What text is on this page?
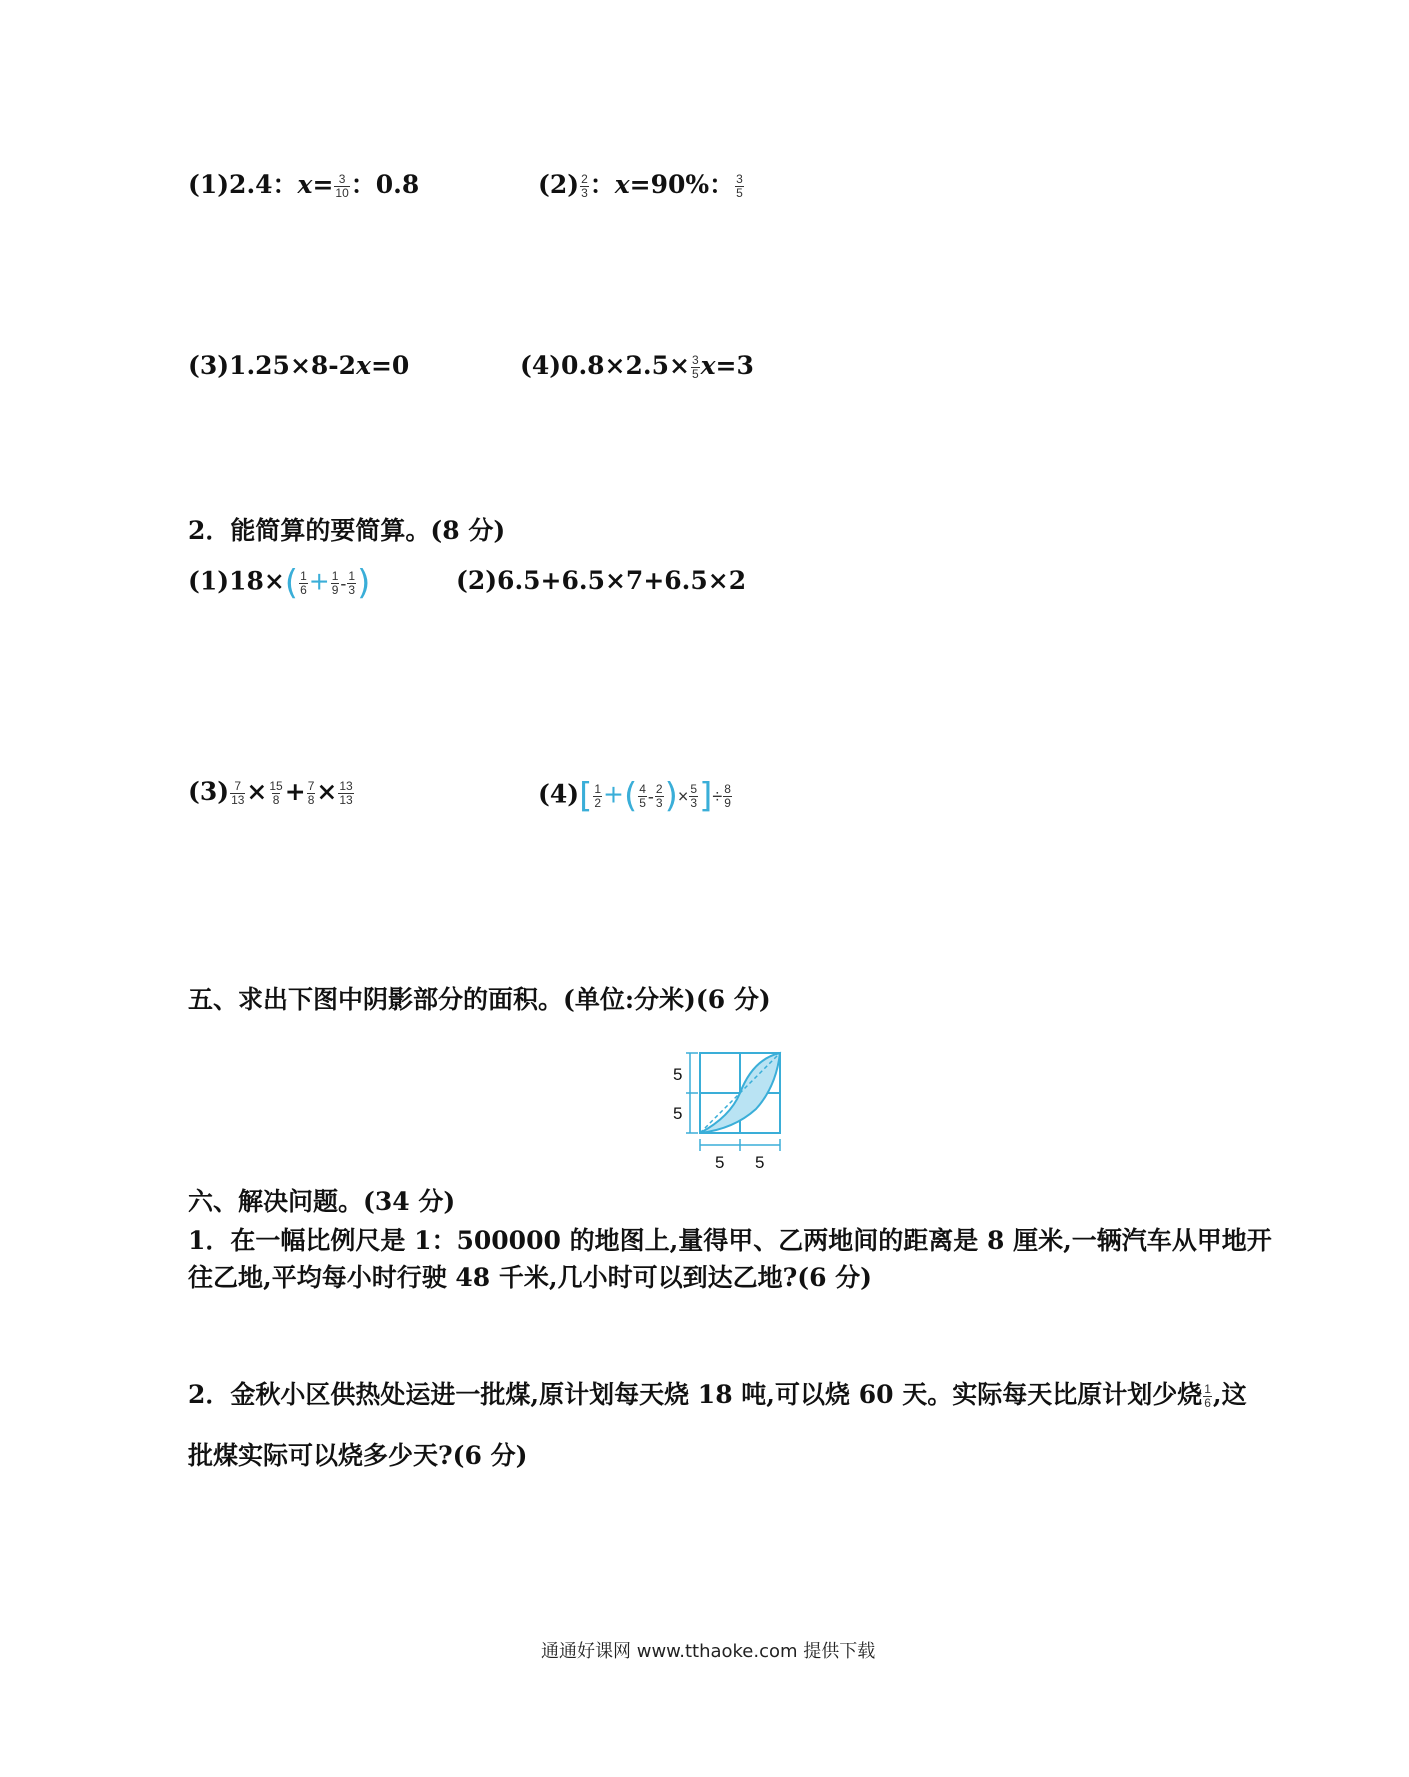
(1)2.4：$x= \frac{3}{10}$ ：0.8	$(2) \frac{2}{3}$ ：x=90%： $\frac{3}{5}$
(3)1.25×8-2x=0	$(4)0.8\times 2.5\times \frac{3}{5} x=3$
2．能简算的要简算。(8 分)
$(1)18\times( \frac{1}{6} + \frac{1}{9} - \frac{1}{3}$ )	(2)6.5+6.5×7+6.5×2
$(3) \frac{7}{13} \times \frac{15}{8} + \frac{7}{8} \times \frac{13}{13}$	$(4)[ \frac{1}{2}$ +( $\frac{4}{5} - \frac{2}{3}$ )× $\frac{5}{3}$ ]÷ $\frac{8}{9}$
五、求出下图中阴影部分的面积。(单位:分米)(6 分)
5
5
5 5
六、解决问题。(34 分)
1．在一幅比例尺是 1：500000 的地图上,量得甲、乙两地间的距离是 8 厘米,一辆汽车从甲地开
往乙地,平均每小时行驶 48 千米,几小时可以到达乙地?(6 分)
2．金秋小区供热处运进一批煤,原计划每天烧 18 吨,可以烧 60 天。实际每天比原计划少烧 $\frac{1}{6}$ ,这
批煤实际可以烧多少天?(6 分)
通通好课网 www.tthaoke.com 提供下载
